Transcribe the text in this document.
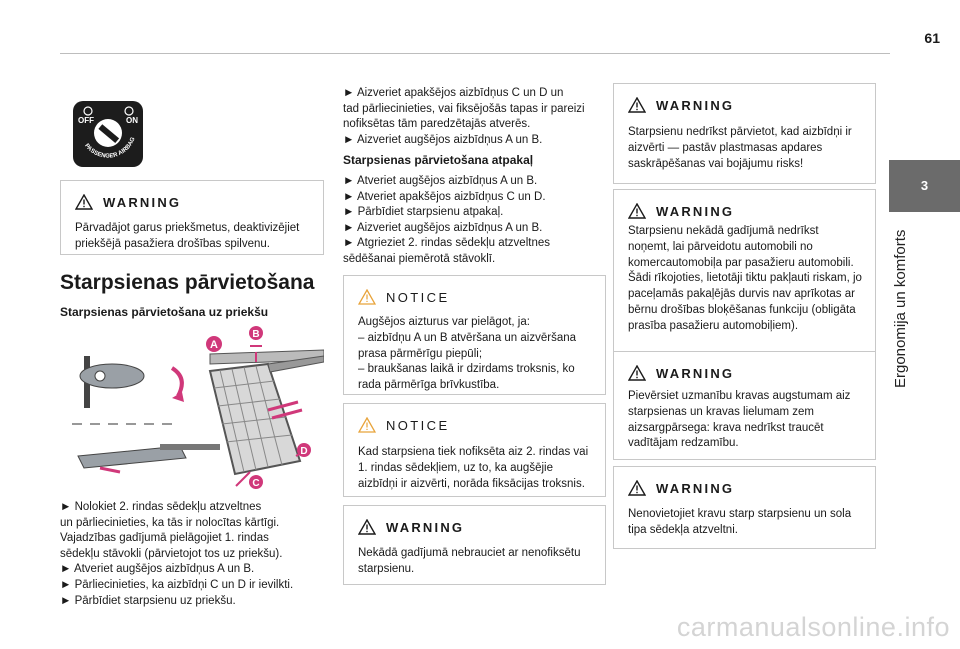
61
3
Ergonomija un komforts
OFF	ON
PASSENGER AIRBAG
WARNING
Pārvadājot garus priekšmetus, deaktivizējiet priekšējā pasažiera drošības spilvenu.
Starpsienas pārvietošana
Starpsienas pārvietošana uz priekšu
A
B
D
C

► Nolokiet 2. rindas sēdekļu atzveltnes

un pārliecinieties, ka tās ir nolocītas kārtīgi.

Vajadzības gadījumā pielāgojiet 1. rindas

sēdekļu stāvokli (pārvietojot tos uz priekšu).

► Atveriet augšējos aizbīdņus A un B.

► Pārliecinieties, ka aizbīdņi C un D ir ievilkti.

► Pārbīdiet starpsienu uz priekšu.

► Aizveriet apakšējos aizbīdņus C un D un

tad pārliecinieties, vai fiksējošās tapas ir pareizi

nofiksētas tām paredzētajās atverēs.

► Aizveriet augšējos aizbīdņus A un B.

Starpsienas pārvietošana atpakaļ

► Atveriet augšējos aizbīdņus A un B.

► Atveriet apakšējos aizbīdņus C un D.

► Pārbīdiet starpsienu atpakaļ.

► Aizveriet augšējos aizbīdņus A un B.

► Atgrieziet 2. rindas sēdekļu atzveltnes

sēdēšanai piemērotā stāvoklī.

NOTICE

Augšējos aizturus var pielāgot, ja:

– aizbīdņu A un B atvēršana un aizvēršana

prasa pārmērīgu piepūli;

– braukšanas laikā ir dzirdams troksnis, ko

rada pārmērīga brīvkustība.

NOTICE

Kad starpsiena tiek nofiksēta aiz 2. rindas vai

1. rindas sēdekļiem, uz to, ka augšējie

aizbīdņi ir aizvērti, norāda fiksācijas troksnis.

WARNING

Nekādā gadījumā nebrauciet ar nenofiksētu

starpsienu.

WARNING

Starpsienu nedrīkst pārvietot, kad aizbīdņi ir

aizvērti — pastāv plastmasas apdares

saskrāpēšanas vai bojājumu risks!

WARNING

Starpsienu nekādā gadījumā nedrīkst

noņemt, lai pārveidotu automobili no

komercautomobiļa par pasažieru automobili.

Šādi rīkojoties, lietotāji tiktu pakļauti riskam, jo

paceļamās pakaļējās durvis nav aprīkotas ar

bērnu drošības bloķēšanas funkciju (obligāta

prasība pasažieru automobiļiem).

WARNING

Pievērsiet uzmanību kravas augstumam aiz

starpsienas un kravas lielumam zem

aizsargpārsega: krava nedrīkst traucēt

vadītājam redzamību.

WARNING

Nenovietojiet kravu starp starpsienu un sola

tipa sēdekļa atzveltni.

carmanualsonline.info
